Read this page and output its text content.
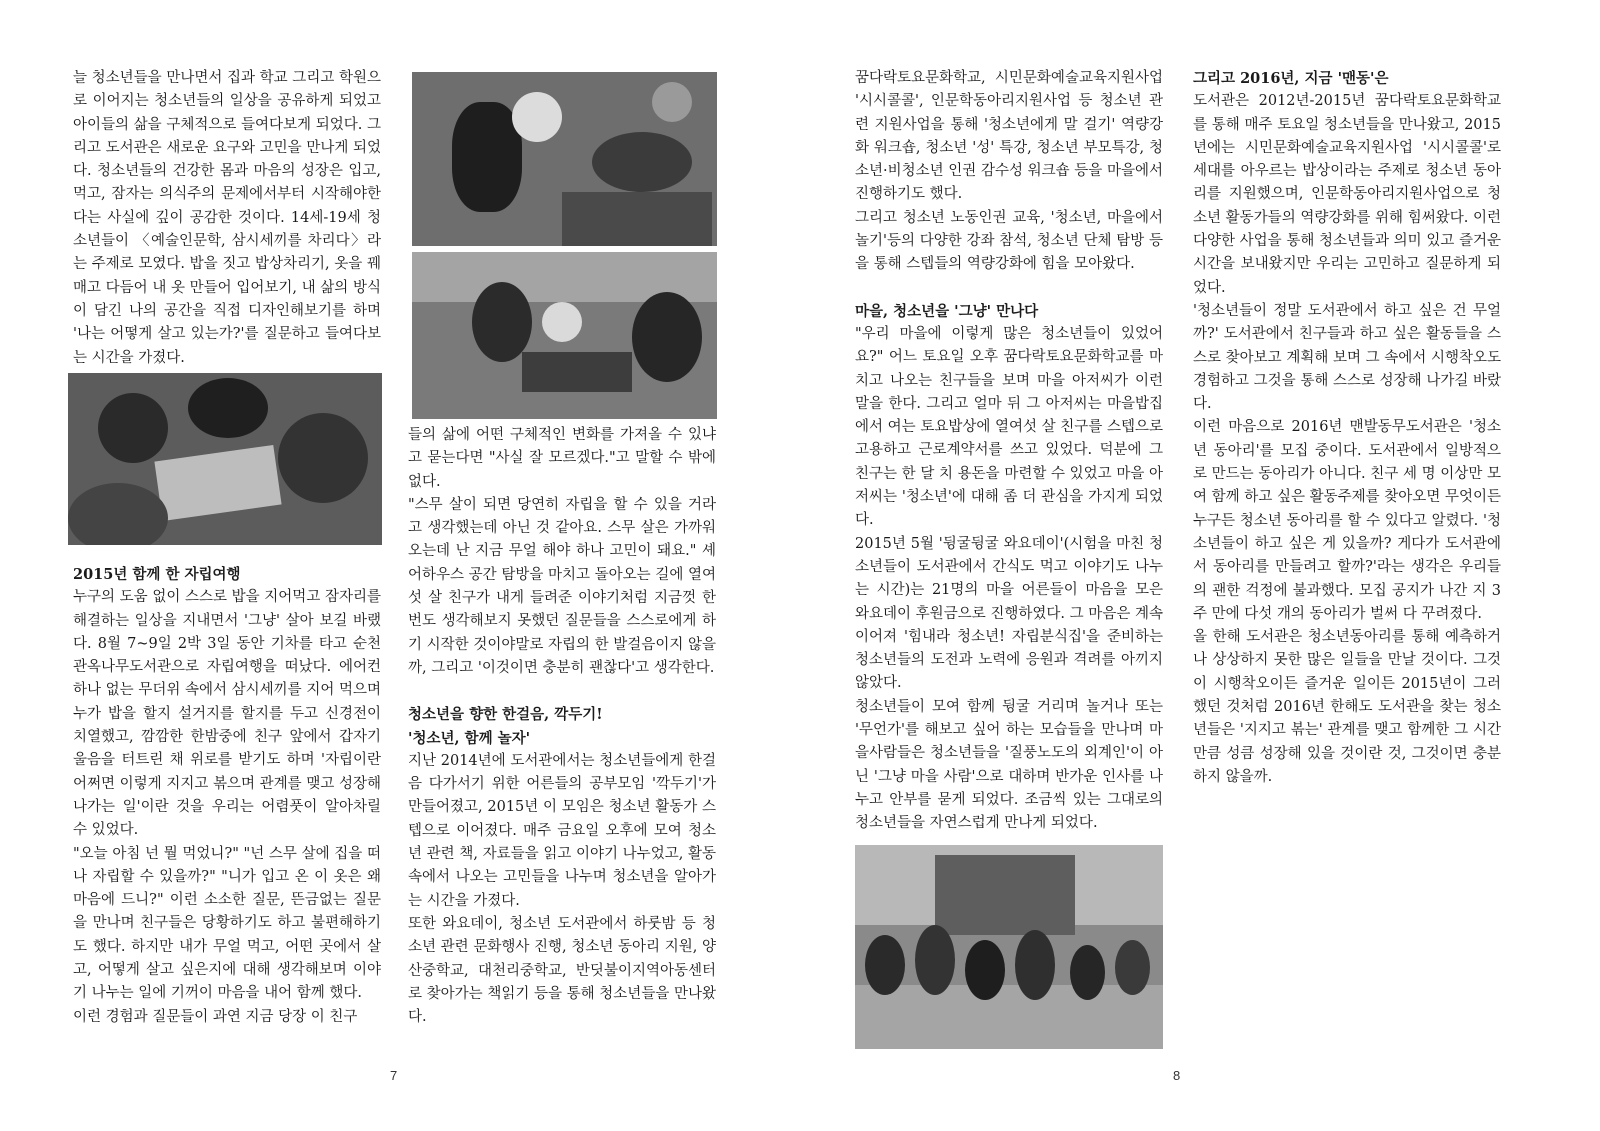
늘 청소년들을 만나면서 집과 학교 그리고 학원으로 이어지는 청소년들의 일상을 공유하게 되었고 아이들의 삶을 구체적으로 들여다보게 되었다. 그리고 도서관은 새로운 요구와 고민을 만나게 되었다. 청소년들의 건강한 몸과 마음의 성장은 입고, 먹고, 잠자는 의식주의 문제에서부터 시작해야한다는 사실에 깊이 공감한 것이다. 14세-19세 청소년들이 〈예술인문학, 삼시세끼를 차리다〉라는 주제로 모였다. 밥을 짓고 밥상차리기, 옷을 꿰매고 다듬어 내 옷 만들어 입어보기, 내 삶의 방식이 담긴 나의 공간을 직접 디자인해보기를 하며 '나는 어떻게 살고 있는가?'를 질문하고 들여다보는 시간을 가졌다.

2015년 함께 한 자립여행

누구의 도움 없이 스스로 밥을 지어먹고 잠자리를 해결하는 일상을 지내면서 '그냥' 살아 보길 바랬다. 8월 7~9일 2박 3일 동안 기차를 타고 순천 관옥나무도서관으로 자립여행을 떠났다. 에어컨 하나 없는 무더위 속에서 삼시세끼를 지어 먹으며 누가 밥을 할지 설거지를 할지를 두고 신경전이 치열했고, 깜깜한 한밤중에 친구 앞에서 갑자기 울음을 터트린 채 위로를 받기도 하며 '자립이란 어쩌면 이렇게 지지고 볶으며 관계를 맺고 성장해 나가는 일'이란 것을 우리는 어렴풋이 알아차릴 수 있었다.

"오늘 아침 넌 뭘 먹었니?" "넌 스무 살에 집을 떠나 자립할 수 있을까?" "니가 입고 온 이 옷은 왜 마음에 드니?" 이런 소소한 질문, 뜬금없는 질문을 만나며 친구들은 당황하기도 하고 불편해하기도 했다. 하지만 내가 무얼 먹고, 어떤 곳에서 살고, 어떻게 살고 싶은지에 대해 생각해보며 이야기 나누는 일에 기꺼이 마음을 내어 함께 했다.

이런 경험과 질문들이 과연 지금 당장 이 친구

들의 삶에 어떤 구체적인 변화를 가져올 수 있냐고 묻는다면 "사실 잘 모르겠다."고 말할 수 밖에 없다.

"스무 살이 되면 당연히 자립을 할 수 있을 거라고 생각했는데 아닌 것 같아요. 스무 살은 가까워오는데 난 지금 무얼 해야 하나 고민이 돼요." 셰어하우스 공간 탐방을 마치고 돌아오는 길에 열여섯 살 친구가 내게 들려준 이야기처럼 지금껏 한 번도 생각해보지 못했던 질문들을 스스로에게 하기 시작한 것이야말로 자립의 한 발걸음이지 않을까, 그리고 '이것이면 충분히 괜찮다'고 생각한다.

청소년을 향한 한걸음, 깍두기!
'청소년, 함께 놀자'

지난 2014년에 도서관에서는 청소년들에게 한걸음 다가서기 위한 어른들의 공부모임 '깍두기'가 만들어졌고, 2015년 이 모임은 청소년 활동가 스텝으로 이어졌다. 매주 금요일 오후에 모여 청소년 관련 책, 자료들을 읽고 이야기 나누었고, 활동 속에서 나오는 고민들을 나누며 청소년을 알아가는 시간을 가졌다.

또한 와요데이, 청소년 도서관에서 하룻밤 등 청소년 관련 문화행사 진행, 청소년 동아리 지원, 양산중학교, 대천리중학교, 반딧불이지역아동센터로 찾아가는 책읽기 등을 통해 청소년들을 만나왔다.

7

꿈다락토요문화학교, 시민문화예술교육지원사업 '시시콜콜', 인문학동아리지원사업 등 청소년 관련 지원사업을 통해 '청소년에게 말 걸기' 역량강화 워크숍, 청소년 '성' 특강, 청소년 부모특강, 청소년·비청소년 인권 감수성 워크숍 등을 마을에서 진행하기도 했다.

그리고 청소년 노동인권 교육, '청소년, 마을에서 놀기'등의 다양한 강좌 참석, 청소년 단체 탐방 등을 통해 스텝들의 역량강화에 힘을 모아왔다.

마을, 청소년을 '그냥' 만나다

"우리 마을에 이렇게 많은 청소년들이 있었어요?" 어느 토요일 오후 꿈다락토요문화학교를 마치고 나오는 친구들을 보며 마을 아저씨가 이런 말을 한다. 그리고 얼마 뒤 그 아저씨는 마을밥집에서 여는 토요밥상에 열여섯 살 친구를 스텝으로 고용하고 근로계약서를 쓰고 있었다. 덕분에 그 친구는 한 달 치 용돈을 마련할 수 있었고 마을 아저씨는 '청소년'에 대해 좀 더 관심을 가지게 되었다.

2015년 5월 '뒹굴뒹굴 와요데이'(시험을 마친 청소년들이 도서관에서 간식도 먹고 이야기도 나누는 시간)는 21명의 마을 어른들이 마음을 모은 와요데이 후원금으로 진행하였다. 그 마음은 계속 이어져 '힘내라 청소년! 자립분식집'을 준비하는 청소년들의 도전과 노력에 응원과 격려를 아끼지 않았다.

청소년들이 모여 함께 뒹굴 거리며 놀거나 또는 '무언가'를 해보고 싶어 하는 모습들을 만나며 마을사람들은 청소년들을 '질풍노도의 외계인'이 아닌 '그냥 마을 사람'으로 대하며 반가운 인사를 나누고 안부를 묻게 되었다. 조금씩 있는 그대로의 청소년들을 자연스럽게 만나게 되었다.

그리고 2016년, 지금 '맨동'은

도서관은 2012년-2015년 꿈다락토요문화학교를 통해 매주 토요일 청소년들을 만나왔고, 2015년에는 시민문화예술교육지원사업 '시시콜콜'로 세대를 아우르는 밥상이라는 주제로 청소년 동아리를 지원했으며, 인문학동아리지원사업으로 청소년 활동가들의 역량강화를 위해 힘써왔다. 이런 다양한 사업을 통해 청소년들과 의미 있고 즐거운 시간을 보내왔지만 우리는 고민하고 질문하게 되었다.

'청소년들이 정말 도서관에서 하고 싶은 건 무얼까?' 도서관에서 친구들과 하고 싶은 활동들을 스스로 찾아보고 계획해 보며 그 속에서 시행착오도 경험하고 그것을 통해 스스로 성장해 나가길 바랐다.

이런 마음으로 2016년 맨발동무도서관은 '청소년 동아리'를 모집 중이다. 도서관에서 일방적으로 만드는 동아리가 아니다. 친구 세 명 이상만 모여 함께 하고 싶은 활동주제를 찾아오면 무엇이든 누구든 청소년 동아리를 할 수 있다고 알렸다. '청소년들이 하고 싶은 게 있을까? 게다가 도서관에서 동아리를 만들려고 할까?'라는 생각은 우리들의 괜한 걱정에 불과했다. 모집 공지가 나간 지 3주 만에 다섯 개의 동아리가 벌써 다 꾸려졌다.

올 한해 도서관은 청소년동아리를 통해 예측하거나 상상하지 못한 많은 일들을 만날 것이다. 그것이 시행착오이든 즐거운 일이든 2015년이 그러했던 것처럼 2016년 한해도 도서관을 찾는 청소년들은 '지지고 볶는' 관계를 맺고 함께한 그 시간만큼 성큼 성장해 있을 것이란 것, 그것이면 충분하지 않을까.

8
